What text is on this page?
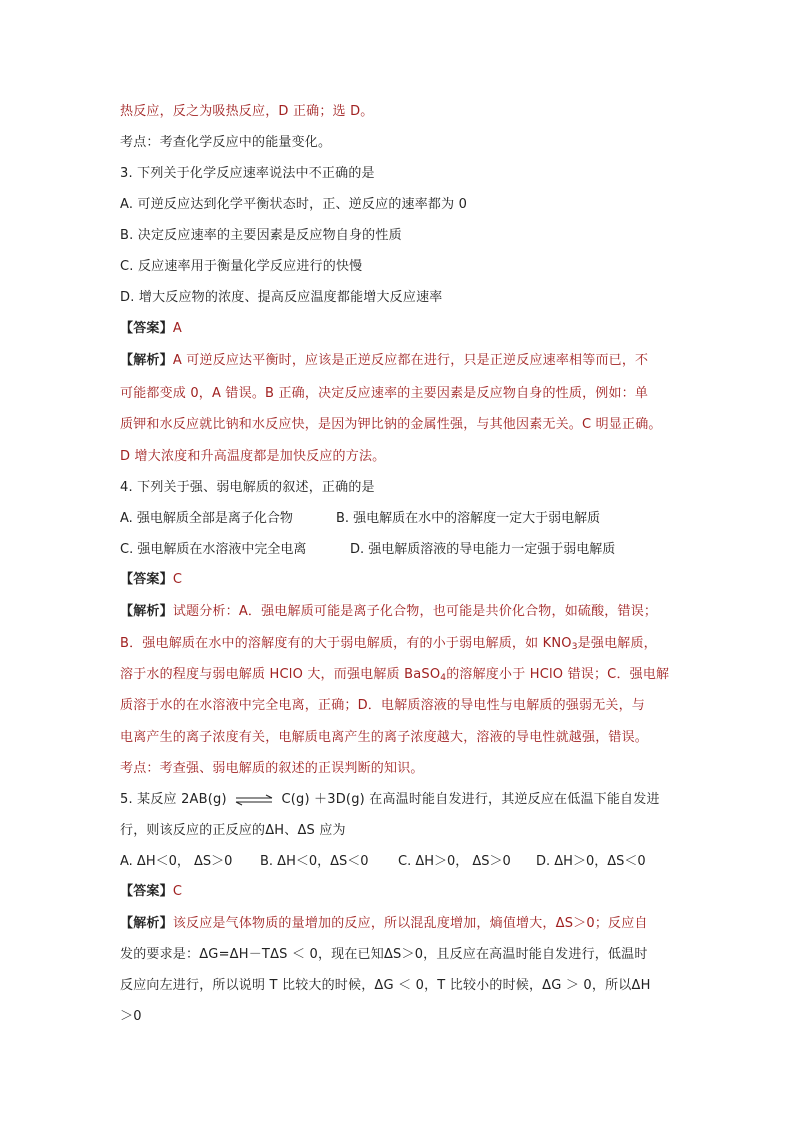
热反应，反之为吸热反应，D 正确；选 D。
考点：考查化学反应中的能量变化。
3. 下列关于化学反应速率说法中不正确的是
A. 可逆反应达到化学平衡状态时，正、逆反应的速率都为 0
B. 决定反应速率的主要因素是反应物自身的性质
C. 反应速率用于衡量化学反应进行的快慢
D. 增大反应物的浓度、提高反应温度都能增大反应速率
【答案】A
【解析】A 可逆反应达平衡时，应该是正逆反应都在进行，只是正逆反应速率相等而已，不
可能都变成 0，A 错误。B 正确，决定反应速率的主要因素是反应物自身的性质，例如：单
质钾和水反应就比钠和水反应快，是因为钾比钠的金属性强，与其他因素无关。C 明显正确。
D 增大浓度和升高温度都是加快反应的方法。
4. 下列关于强、弱电解质的叙述，正确的是
A. 强电解质全部是离子化合物	B. 强电解质在水中的溶解度一定大于弱电解质
C. 强电解质在水溶液中完全电离	D. 强电解质溶液的导电能力一定强于弱电解质
【答案】C
【解析】试题分析：A．强电解质可能是离子化合物，也可能是共价化合物，如硫酸，错误；
B．强电解质在水中的溶解度有的大于弱电解质，有的小于弱电解质，如 $KNO_3$是强电解质，
溶于水的程度与弱电解质 HClO 大，而强电解质 BaSO$_4$的溶解度小于 HClO 错误；C．强电解
质溶于水的在水溶液中完全电离，正确；D．电解质溶液的导电性与电解质的强弱无关，与
电离产生的离子浓度有关，电解质电离产生的离子浓度越大，溶液的导电性就越强，错误。
考点：考查强、弱电解质的叙述的正误判断的知识。
5. 某反应 2AB(g) ⇌ C(g) ＋3D(g) 在高温时能自发进行，其逆反应在低温下能自发进
行，则该反应的正反应的ΔH、ΔS 应为
A. ΔH＜0， ΔS＞0 B. ΔH＜0，ΔS＜0 C. ΔH＞0， ΔS＞0 D. ΔH＞0，ΔS＜0
【答案】C
【解析】该反应是气体物质的量增加的反应，所以混乱度增加，熵值增大，ΔS＞0；反应自
发的要求是：ΔG=ΔH－TΔS ＜ 0，现在已知ΔS＞0，且反应在高温时能自发进行，低温时
反应向左进行，所以说明 T 比较大的时候，ΔG ＜ 0，T 比较小的时候，ΔG ＞ 0，所以ΔH
＞0
